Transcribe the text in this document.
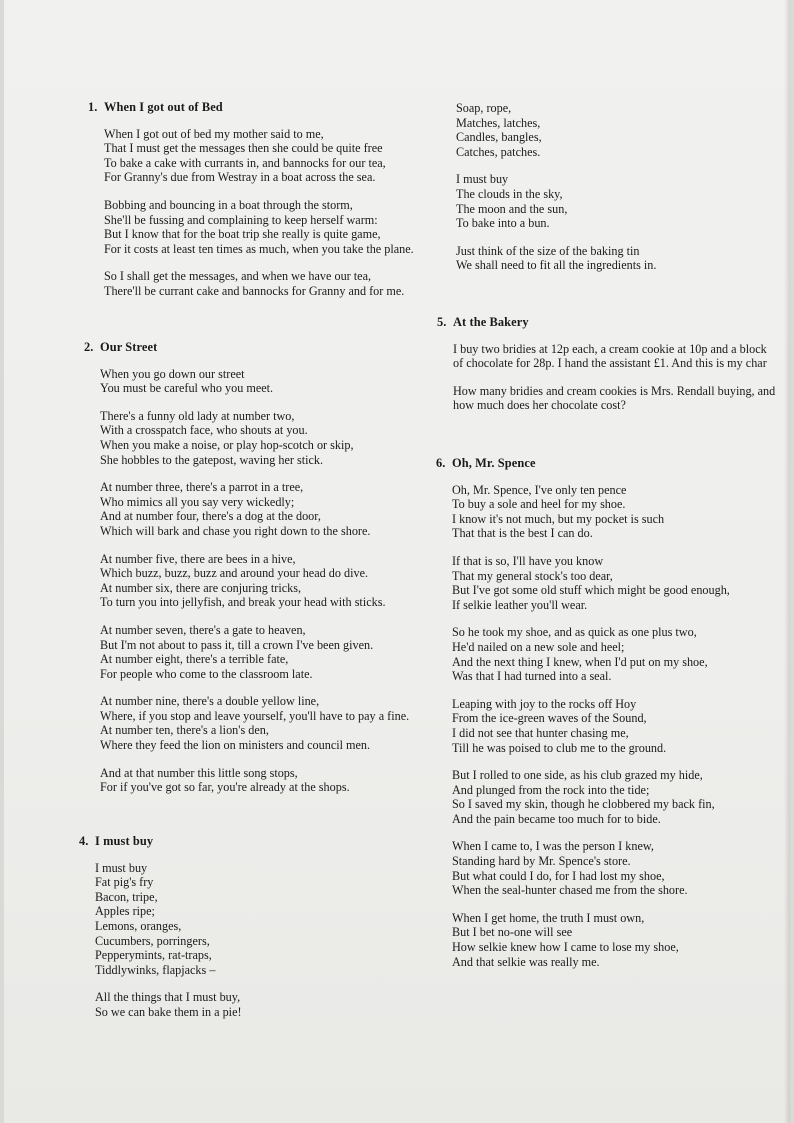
1. When I got out of Bed
When I got out of bed my mother said to me,
That I must get the messages then she could be quite free
To bake a cake with currants in, and bannocks for our tea,
For Granny's due from Westray in a boat across the sea.
Bobbing and bouncing in a boat through the storm,
She'll be fussing and complaining to keep herself warm:
But I know that for the boat trip she really is quite game,
For it costs at least ten times as much, when you take the plane.
So I shall get the messages, and when we have our tea,
There'll be currant cake and bannocks for Granny and for me.
Soap, rope,
Matches, latches,
Candles, bangles,
Catches, patches.
I must buy
The clouds in the sky,
The moon and the sun,
To bake into a bun.
Just think of the size of the baking tin
We shall need to fit all the ingredients in.
2. Our Street
When you go down our street
You must be careful who you meet.
There's a funny old lady at number two,
With a crosspatch face, who shouts at you.
When you make a noise, or play hop-scotch or skip,
She hobbles to the gatepost, waving her stick.
At number three, there's a parrot in a tree,
Who mimics all you say very wickedly;
And at number four, there's a dog at the door,
Which will bark and chase you right down to the shore.
At number five, there are bees in a hive,
Which buzz, buzz, buzz and around your head do dive.
At number six, there are conjuring tricks,
To turn you into jellyfish, and break your head with sticks.
At number seven, there's a gate to heaven,
But I'm not about to pass it, till a crown I've been given.
At number eight, there's a terrible fate,
For people who come to the classroom late.
At number nine, there's a double yellow line,
Where, if you stop and leave yourself, you'll have to pay a fine.
At number ten, there's a lion's den,
Where they feed the lion on ministers and council men.
And at that number this little song stops,
For if you've got so far, you're already at the shops.
4. I must buy
I must buy
Fat pig's fry
Bacon, tripe,
Apples ripe;
Lemons, oranges,
Cucumbers, porringers,
Pepperymints, rat-traps,
Tiddlywinks, flapjacks –
All the things that I must buy,
So we can bake them in a pie!
5. At the Bakery
I buy two bridies at 12p each, a cream cookie at 10p and a block
of chocolate for 28p. I hand the assistant £1. And this is my char
How many bridies and cream cookies is Mrs. Rendall buying, and
how much does her chocolate cost?
6. Oh, Mr. Spence
Oh, Mr. Spence, I've only ten pence
To buy a sole and heel for my shoe.
I know it's not much, but my pocket is such
That that is the best I can do.
If that is so, I'll have you know
That my general stock's too dear,
But I've got some old stuff which might be good enough,
If selkie leather you'll wear.
So he took my shoe, and as quick as one plus two,
He'd nailed on a new sole and heel;
And the next thing I knew, when I'd put on my shoe,
Was that I had turned into a seal.
Leaping with joy to the rocks off Hoy
From the ice-green waves of the Sound,
I did not see that hunter chasing me,
Till he was poised to club me to the ground.
But I rolled to one side, as his club grazed my hide,
And plunged from the rock into the tide;
So I saved my skin, though he clobbered my back fin,
And the pain became too much for to bide.
When I came to, I was the person I knew,
Standing hard by Mr. Spence's store.
But what could I do, for I had lost my shoe,
When the seal-hunter chased me from the shore.
When I get home, the truth I must own,
But I bet no-one will see
How selkie knew how I came to lose my shoe,
And that selkie was really me.
